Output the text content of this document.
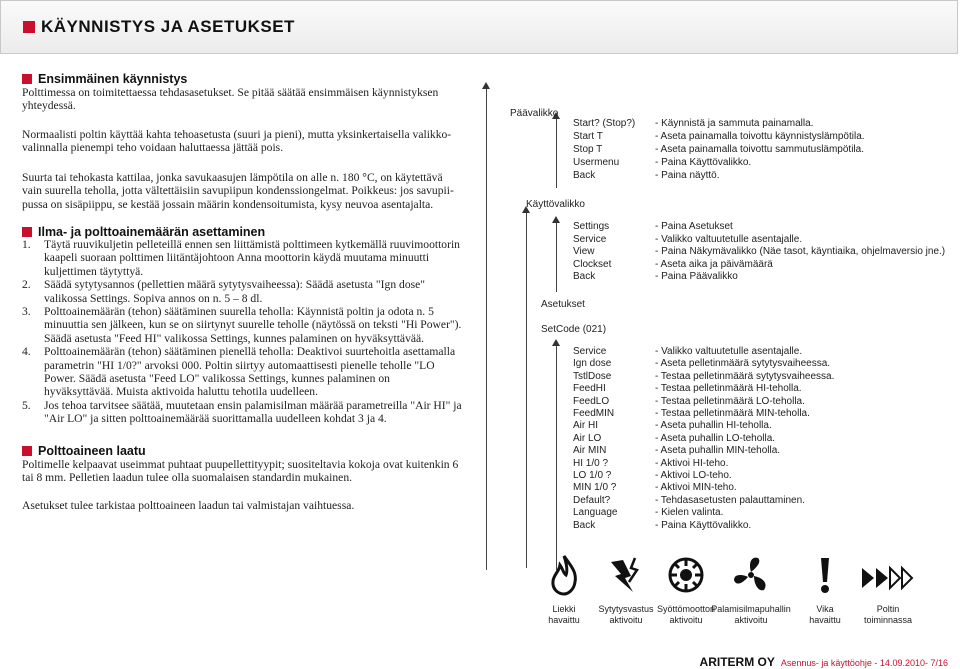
KÄYNNISTYS JA ASETUKSET
Ensimmäinen käynnistys
Polttimessa on toimitettaessa tehdasasetukset. Se pitää säätää ensimmäisen käynnistyksen yhteydessä.
Normaalisti poltin käyttää kahta tehoasetusta (suuri ja pieni), mutta yksinkertaisella valikko-valinnalla pienempi teho voidaan haluttaessa jättää pois.
Suurta tai tehokasta kattilaa, jonka savukaasujen lämpötila on alle n. 180 °C, on käytettävä vain suurella teholla, jotta vältettäisiin savupiipun kondenssiongelmat. Poikkeus: jos savupii-pussa on sisäpiippu, se kestää jossain määrin kondensoitumista, kysy neuvoa asentajalta.
Ilma- ja polttoainemäärän asettaminen
1.	Täytä ruuvikuljetin pelleteillä ennen sen liittämistä polttimeen kytkemällä ruuvimoottorin kaapeli suoraan polttimen liitäntäjohtoon Anna moottorin käydä muutama minuutti kuljettimen täytyttyä.
2.	Säädä sytytysannos (pellettien määrä sytytysvaiheessa): Säädä asetusta "Ign dose" valikossa Settings. Sopiva annos on n. 5 – 8 dl.
3.	Polttoainemäärän (tehon) säätäminen suurella teholla: Käynnistä poltin ja odota n. 5 minuuttia sen jälkeen, kun se on siirtynyt suurelle teholle (näytössä on teksti "Hi Power"). Säädä asetusta "Feed HI" valikossa Settings, kunnes palaminen on hyväksyttävää.
4.	Polttoainemäärän (tehon) säätäminen pienellä teholla: Deaktivoi suurtehoitla asettamalla parametrin "HI 1/0?" arvoksi 000. Poltin siirtyy automaattisesti pienelle teholle "LO Power. Säädä asetusta "Feed LO" valikossa Settings, kunnes palaminen on hyväksyttävää. Muista aktivoida haluttu tehotila uudelleen.
5.	Jos tehoa tarvitsee säätää, muutetaan ensin palamisilman määrää parametreilla "Air HI" ja "Air LO" ja sitten polttoainemäärää suorittamalla uudelleen kohdat 3 ja 4.
Polttoaineen laatu
Poltimelle kelpaavat useimmat puhtaat puupellettityypit; suositeltavia kokoja ovat kuitenkin 6 tai 8 mm. Pelletien laadun tulee olla suomalaisen standardin mukainen.
Asetukset tulee tarkistaa polttoaineen laadun tai valmistajan vaihtuessa.
Päävalikko
Start? (Stop?) - Käynnistä ja sammuta painamalla.
Start T	- Aseta painamalla toivottu käynnistyslämpötila.
Stop T	- Aseta painamalla toivottu sammutuslämpötila.
Usermenu	- Paina Käyttövalikko.
Back	- Paina näyttö.
Käyttövalikko
Settings	- Paina Asetukset
Service	- Valikko valtuutetulle asentajalle.
View	- Paina Näkymävalikko (Näe tasot, käyntiaika, ohjelmaversio jne.)
Clockset	- Aseta aika ja päivämäärä
Back	- Paina Päävalikko
Asetukset
SetCode (021)
Service	- Valikko valtuutetulle asentajalle.
Ign dose	- Aseta pelletinmäärä sytytysvaiheessa.
TstlDose	- Testaa pelletinmäärä sytytysvaiheessa.
FeedHI	- Testaa pelletinmäärä HI-teholla.
FeedLO	- Testaa pelletinmäärä LO-teholla.
FeedMIN	- Testaa pelletinmäärä MIN-teholla.
Air HI	- Aseta puhallin HI-teholla.
Air LO	- Aseta puhallin LO-teholla.
Air MIN	- Aseta puhallin MIN-teholla.
HI 1/0 ?	- Aktivoi HI-teho.
LO 1/0 ?	- Aktivoi LO-teho.
MIN 1/0 ?	- Aktivoi MIN-teho.
Default?	- Tehdasasetusten palauttaminen.
Language	- Kielen valinta.
Back	- Paina Käyttövalikko.
Liekki
havaittu
Sytytysvastus
aktivoitu
Syöttömoottori
aktivoitu
Palamisilmapuhallin
aktivoitu
Vika
havaittu
Poltin
toiminnassa
ARITERM OY Asennus- ja käyttöohje - 14.09.2010- 7/16
